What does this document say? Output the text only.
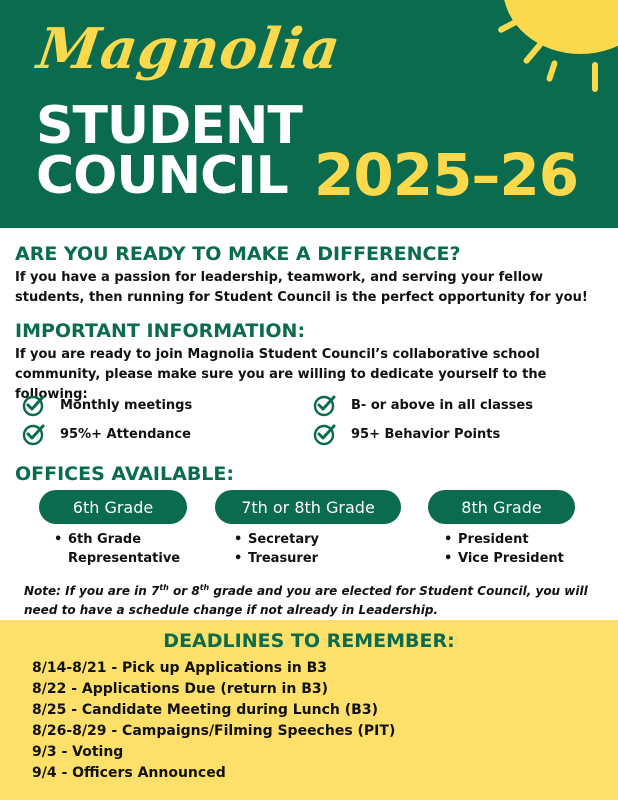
Magnolia
STUDENT
COUNCIL 2025–26
ARE YOU READY TO MAKE A DIFFERENCE?
If you have a passion for leadership, teamwork, and serving your fellow students, then running for Student Council is the perfect opportunity for you!
IMPORTANT INFORMATION:
If you are ready to join Magnolia Student Council’s collaborative school community, please make sure you are willing to dedicate yourself to the following:
Monthly meetings	B- or above in all classes
95%+ Attendance	95+ Behavior Points
OFFICES AVAILABLE:
6th Grade	7th or 8th Grade	8th Grade
• 6th Grade Representative
• Secretary
• Treasurer
• President
• Vice President
Note: If you are in 7th or 8th grade and you are elected for Student Council, you will need to have a schedule change if not already in Leadership.
DEADLINES TO REMEMBER:
8/14-8/21 - Pick up Applications in B3
8/22 - Applications Due (return in B3)
8/25 - Candidate Meeting during Lunch (B3)
8/26-8/29 - Campaigns/Filming Speeches (PIT)
9/3 - Voting
9/4 - Officers Announced
